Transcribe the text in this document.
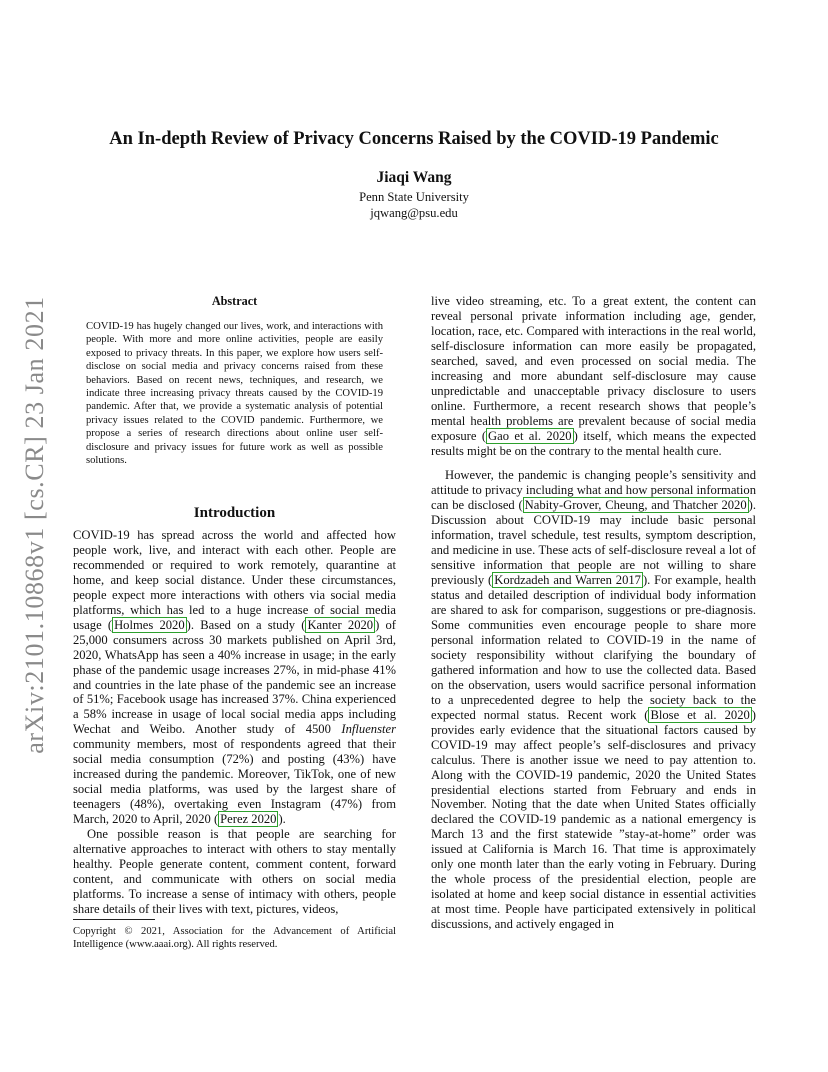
arXiv:2101.10868v1 [cs.CR] 23 Jan 2021
An In-depth Review of Privacy Concerns Raised by the COVID-19 Pandemic
Jiaqi Wang
Penn State University
jqwang@psu.edu
Abstract
COVID-19 has hugely changed our lives, work, and interactions with people. With more and more online activities, people are easily exposed to privacy threats. In this paper, we explore how users self-disclose on social media and privacy concerns raised from these behaviors. Based on recent news, techniques, and research, we indicate three increasing privacy threats caused by the COVID-19 pandemic. After that, we provide a systematic analysis of potential privacy issues related to the COVID pandemic. Furthermore, we propose a series of research directions about online user self-disclosure and privacy issues for future work as well as possible solutions.
Introduction

COVID-19 has spread across the world and affected how people work, live, and interact with each other. People are recommended or required to work remotely, quarantine at home, and keep social distance. Under these circumstances, people expect more interactions with others via social media platforms, which has led to a huge increase of social media usage ( Holmes 2020 ). Based on a study ( Kanter 2020 ) of 25,000 consumers across 30 markets published on April 3rd, 2020, WhatsApp has seen a 40% increase in usage; in the early phase of the pandemic usage increases 27%, in mid-phase 41% and countries in the late phase of the pandemic see an increase of 51%; Facebook usage has increased 37%. China experienced a 58% increase in usage of local social media apps including Wechat and Weibo. Another study of 4500 Influenster community members, most of respondents agreed that their social media consumption (72%) and posting (43%) have increased during the pandemic. Moreover, TikTok, one of new social media platforms, was used by the largest share of teenagers (48%), overtaking even Instagram (47%) from March, 2020 to April, 2020 ( Perez 2020 ).

One possible reason is that people are searching for alternative approaches to interact with others to stay mentally healthy. People generate content, comment content, forward content, and communicate with others on social media platforms. To increase a sense of intimacy with others, people share details of their lives with text, pictures, videos,

Copyright © 2021, Association for the Advancement of Artificial Intelligence (www.aaai.org). All rights reserved.

live video streaming, etc. To a great extent, the content can reveal personal private information including age, gender, location, race, etc. Compared with interactions in the real world, self-disclosure information can more easily be propagated, searched, saved, and even processed on social media. The increasing and more abundant self-disclosure may cause unpredictable and unacceptable privacy disclosure to users online. Furthermore, a recent research shows that people’s mental health problems are prevalent because of social media exposure ( Gao et al. 2020 ) itself, which means the expected results might be on the contrary to the mental health cure.

However, the pandemic is changing people’s sensitivity and attitude to privacy including what and how personal information can be disclosed ( Nabity-Grover, Cheung, and Thatcher 2020 ). Discussion about COVID-19 may include basic personal information, travel schedule, test results, symptom description, and medicine in use. These acts of self-disclosure reveal a lot of sensitive information that people are not willing to share previously ( Kordzadeh and Warren 2017 ). For example, health status and detailed description of individual body information are shared to ask for comparison, suggestions or pre-diagnosis. Some communities even encourage people to share more personal information related to COVID-19 in the name of society responsibility without clarifying the boundary of gathered information and how to use the collected data. Based on the observation, users would sacrifice personal information to a unprecedented degree to help the society back to the expected normal status. Recent work ( Blose et al. 2020 ) provides early evidence that the situational factors caused by COVID-19 may affect people’s self-disclosures and privacy calculus. There is another issue we need to pay attention to. Along with the COVID-19 pandemic, 2020 the United States presidential elections started from February and ends in November. Noting that the date when United States officially declared the COVID-19 pandemic as a national emergency is March 13 and the first statewide ”stay-at-home” order was issued at California is March 16. That time is approximately only one month later than the early voting in February. During the whole process of the presidential election, people are isolated at home and keep social distance in essential activities at most time. People have participated extensively in political discussions, and actively engaged in
